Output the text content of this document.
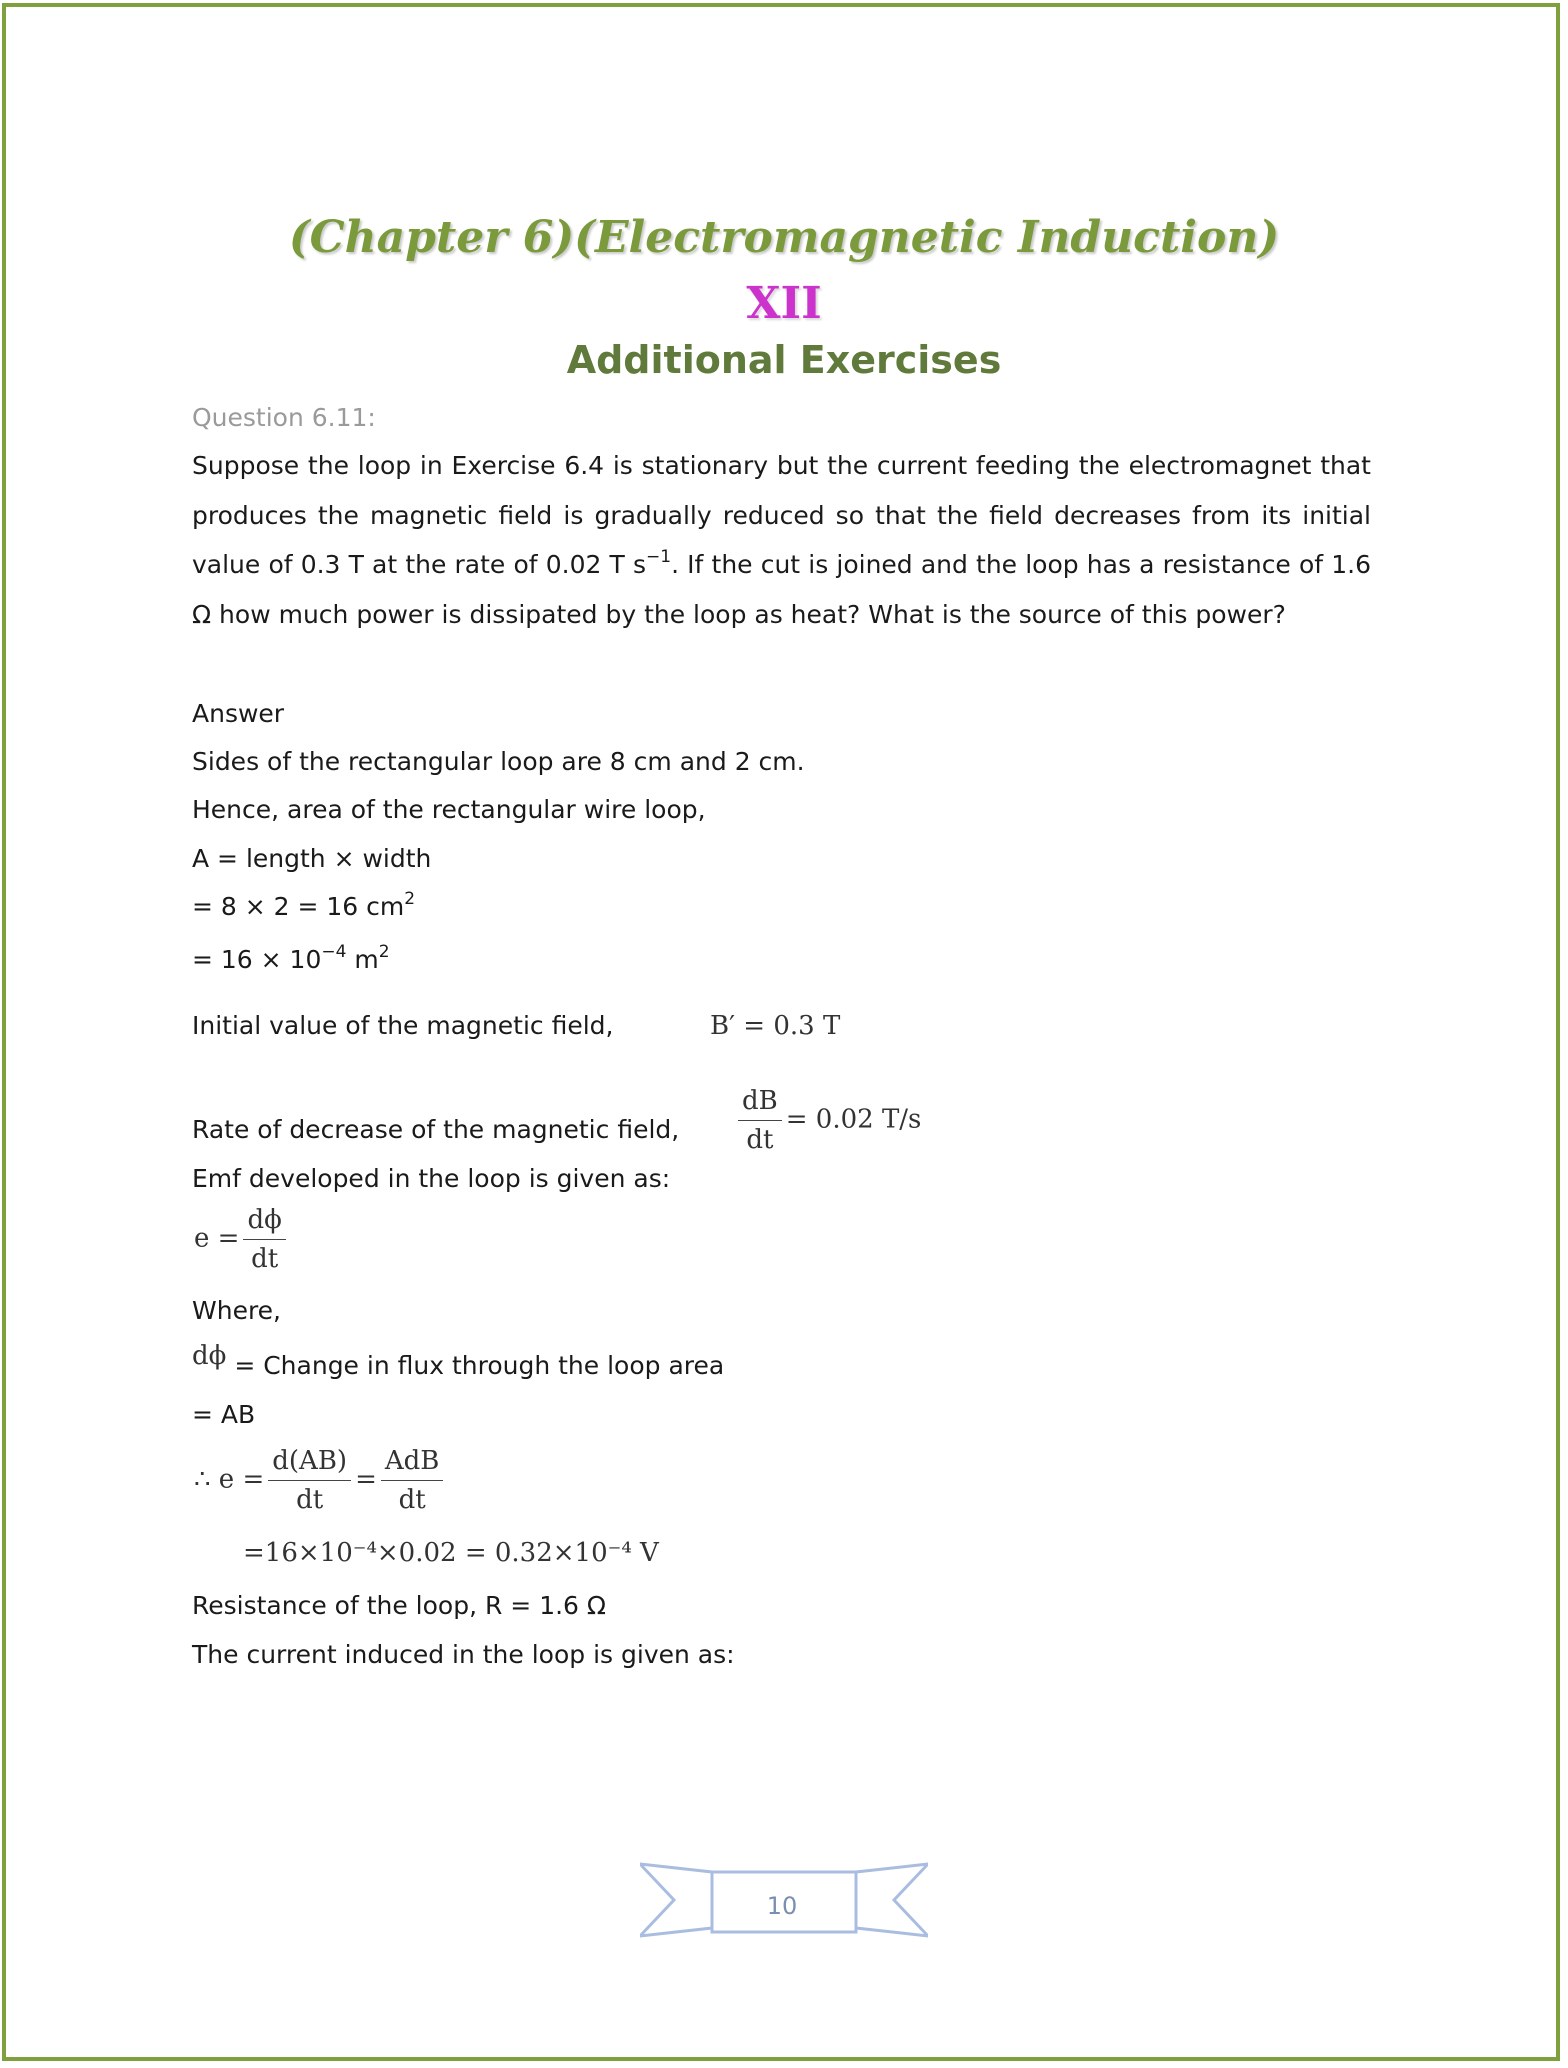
(Chapter 6)(Electromagnetic Induction)
XII
Additional Exercises
Question 6.11:
Suppose the loop in Exercise 6.4 is stationary but the current feeding the electromagnet that produces the magnetic field is gradually reduced so that the field decreases from its initial value of 0.3 T at the rate of 0.02 T $s^{-1}$. If the cut is joined and the loop has a resistance of 1.6 Ω how much power is dissipated by the loop as heat? What is the source of this power?
Answer
Sides of the rectangular loop are 8 cm and 2 cm.
Hence, area of the rectangular wire loop,
A = length × width
= 8 × 2 = 16 $cm^2$
= $16 \times 10^{-4}$ $m^2$
Initial value of the magnetic field,	B′ = 0.3 T
Rate of decrease of the magnetic field, $\frac{dB}{dt} = 0.02$ T/s
Emf developed in the loop is given as:
$e = \frac{d\phi}{dt}$
Where,
dϕ = Change in flux through the loop area
= AB
∴ $e = \frac{d(AB)}{dt} = \frac{\text{AdB}}{dt}$
=16×10⁻⁴×0.02 = 0.32×10⁻⁴ V
Resistance of the loop, R = 1.6 Ω
The current induced in the loop is given as:
10
